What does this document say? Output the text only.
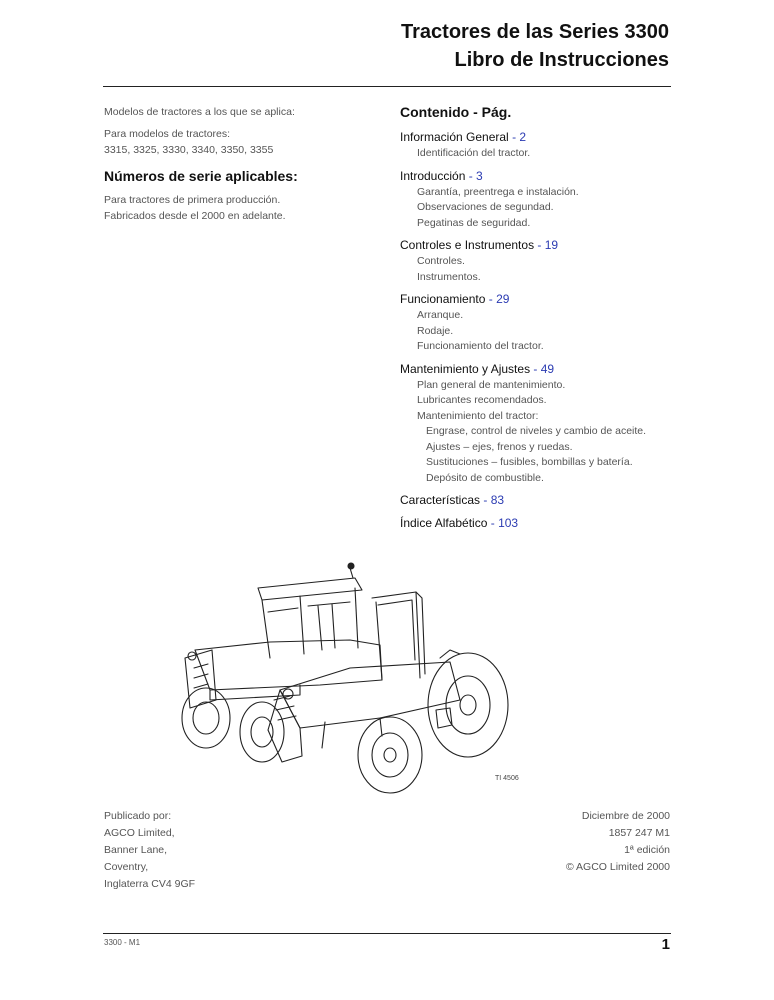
Tractores de las Series 3300
Libro de Instrucciones
Modelos de tractores a los que se aplica:
Para modelos de tractores:
3315, 3325, 3330, 3340, 3350, 3355
Números de serie aplicables:
Para tractores de primera producción.
Fabricados desde el 2000 en adelante.
Contenido - Pág.
Información General - 2
Identificación del tractor.
Introducción - 3
Garantía, preentrega e instalación.
Observaciones de segundad.
Pegatinas de seguridad.
Controles e Instrumentos - 19
Controles.
Instrumentos.
Funcionamiento - 29
Arranque.
Rodaje.
Funcionamiento del tractor.
Mantenimiento y Ajustes - 49
Plan general de mantenimiento.
Lubricantes recomendados.
Mantenimiento del tractor:
Engrase, control de niveles y cambio de aceite.
Ajustes – ejes, frenos y ruedas.
Sustituciones – fusibles, bombillas y batería.
Depósito de combustible.
Características - 83
Índice Alfabético - 103
TI 4506
Publicado por:
AGCO Limited,
Banner Lane,
Coventry,
Inglaterra CV4 9GF
Diciembre de 2000
1857 247 M1
1ª edición
© AGCO Limited 2000
3300 - M1	1
